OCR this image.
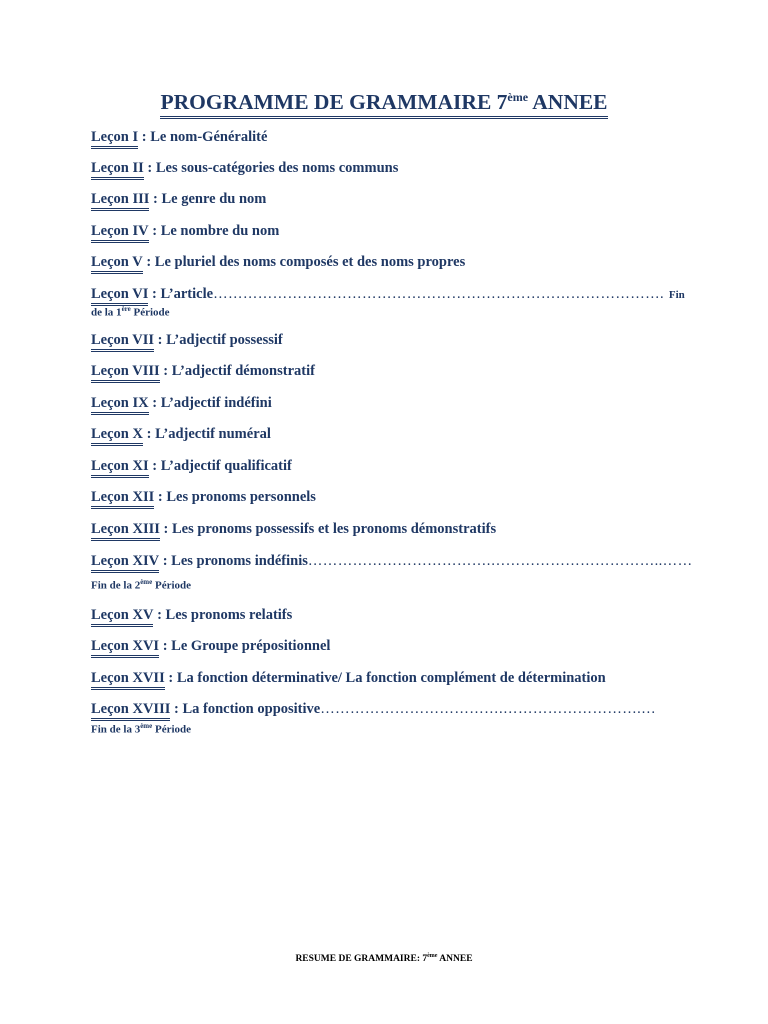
PROGRAMME DE GRAMMAIRE 7ème ANNEE
Leçon I : Le nom-Généralité
Leçon II : Les sous-catégories des noms communs
Leçon III : Le genre du nom
Leçon IV : Le nombre du nom
Leçon V : Le pluriel des noms composés et des noms propres
Leçon VI : L’article………………………………………………………………………………. Fin
de la 1ère Période
Leçon VII : L’adjectif possessif
Leçon VIII : L’adjectif démonstratif
Leçon IX : L’adjectif indéfini
Leçon X : L’adjectif numéral
Leçon XI : L’adjectif qualificatif
Leçon XII : Les pronoms personnels
Leçon XIII : Les pronoms possessifs et les pronoms démonstratifs
Leçon XIV : Les pronoms indéfinis……………………………….……………………………..……
Fin de la 2ème Période
Leçon XV : Les pronoms relatifs
Leçon XVI : Le Groupe prépositionnel
Leçon XVII : La fonction déterminative/ La fonction complément de détermination
Leçon XVIII : La fonction oppositive……………………………….……………………….…
Fin de la 3ème Période
RESUME DE GRAMMAIRE: 7ème ANNEE
